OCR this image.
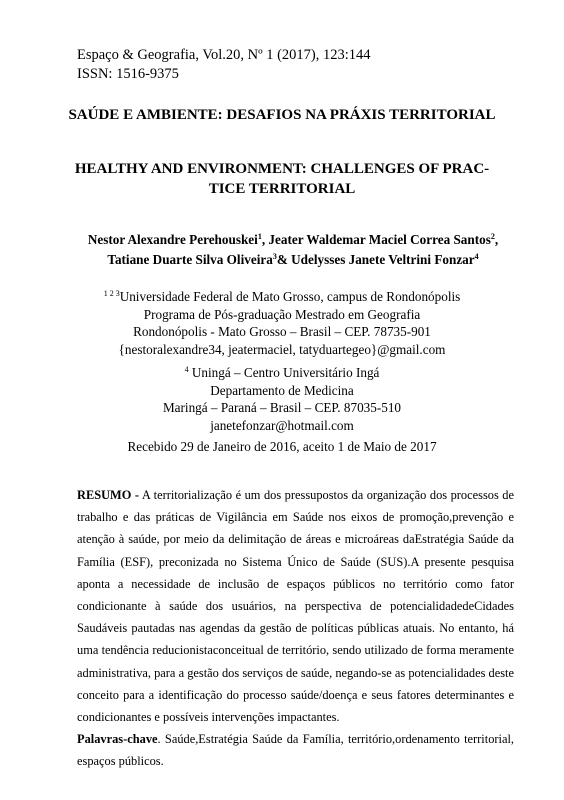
Espaço & Geografia, Vol.20, Nº 1 (2017), 123:144
ISSN: 1516-9375
SAÚDE E AMBIENTE: DESAFIOS NA PRÁXIS TERRITORIAL
HEALTHY AND ENVIRONMENT: CHALLENGES OF PRAC-
TICE TERRITORIAL
Nestor Alexandre Perehouskei$^1$, Jeater Waldemar Maciel Correa Santos$^2$,
Tatiane Duarte Silva Oliveira$^3$& Udelysses Janete Veltrini Fonzar$^4$
$^{1 2 3}$Universidade Federal de Mato Grosso, campus de Rondonópolis
Programa de Pós-graduação Mestrado em Geografia
Rondonópolis - Mato Grosso – Brasil – CEP. 78735-901
{nestoralexandre34, jeatermaciel, tatyduartegeo}@gmail.com
$^4$ Uningá – Centro Universitário Ingá
Departamento de Medicina
Maringá – Paraná – Brasil – CEP. 87035-510
janetefonzar@hotmail.com
Recebido 29 de Janeiro de 2016, aceito 1 de Maio de 2017
RESUMO - A territorialização é um dos pressupostos da organização dos processos de trabalho e das práticas de Vigilância em Saúde nos eixos de promoção,prevenção e atenção à saúde, por meio da delimitação de áreas e microáreas daEstratégia Saúde da Família (ESF), preconizada no Sistema Único de Saúde (SUS).A presente pesquisa aponta a necessidade de inclusão de espaços públicos no território como fator condicionante à saúde dos usuários, na perspectiva de potencialidadedeCidades Saudáveis pautadas nas agendas da gestão de políticas públicas atuais. No entanto, há uma tendência reducionistaconceitual de território, sendo utilizado de forma meramente administrativa, para a gestão dos serviços de saúde, negando-se as potencialidades deste conceito para a identificação do processo saúde/doença e seus fatores determinantes e condicionantes e possíveis intervenções impactantes.
Palavras-chave. Saúde,Estratégia Saúde da Família, território,ordenamento territorial, espaços públicos.
